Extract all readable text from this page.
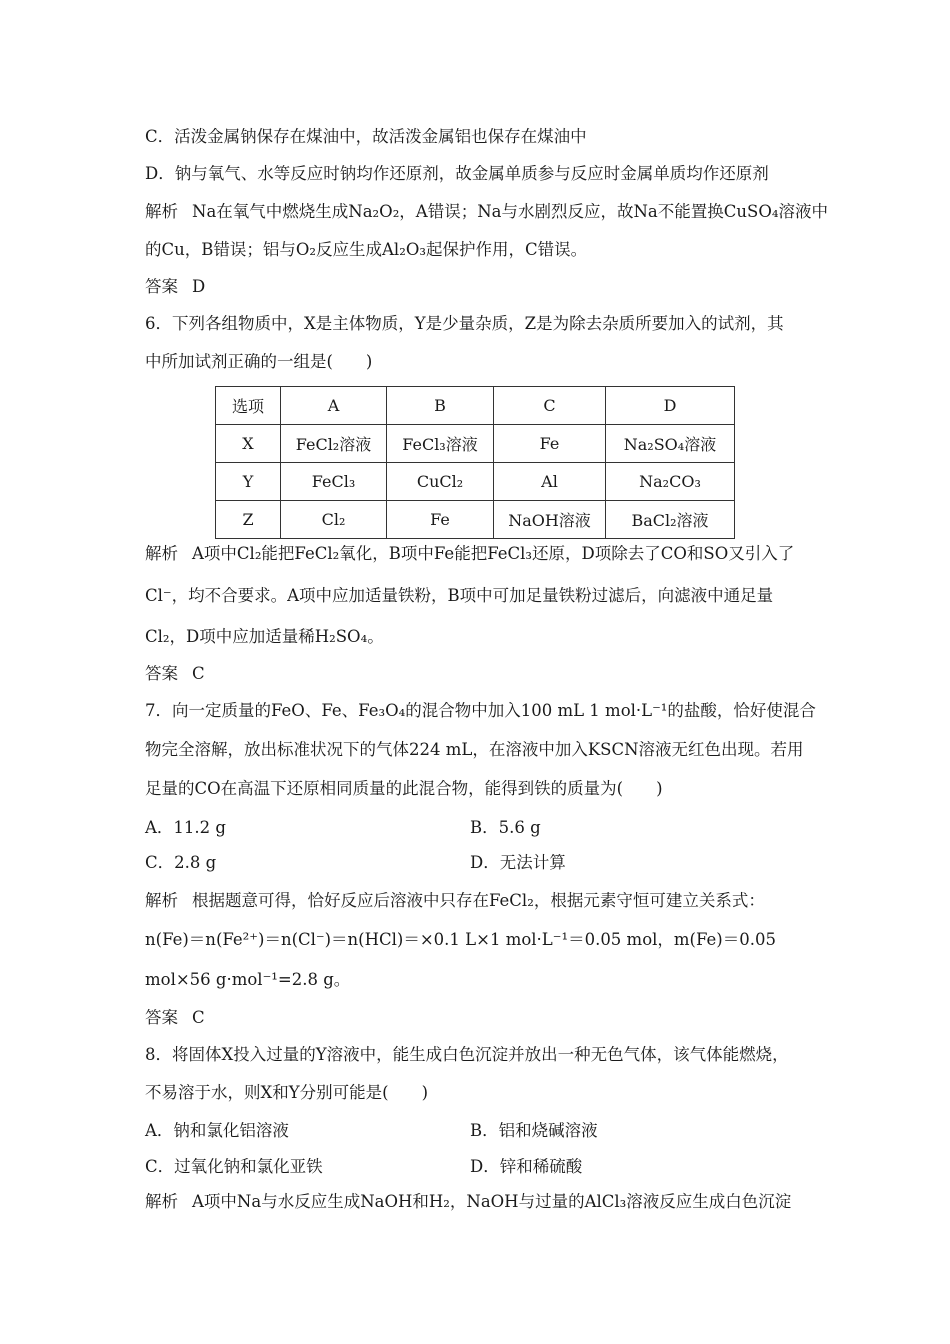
C．活泼金属钠保存在煤油中，故活泼金属铝也保存在煤油中
D．钠与氧气、水等反应时钠均作还原剂，故金属单质参与反应时金属单质均作还原剂
解析 Na在氧气中燃烧生成Na₂O₂，A错误；Na与水剧烈反应，故Na不能置换CuSO₄溶液中
的Cu，B错误；铝与O₂反应生成Al₂O₃起保护作用，C错误。
答案 D
6．下列各组物质中，X是主体物质，Y是少量杂质，Z是为除去杂质所要加入的试剂，其
中所加试剂正确的一组是(　　)
选项	A	B	C	D
X	FeCl₂溶液	FeCl₃溶液	Fe	Na₂SO₄溶液
Y	FeCl₃	CuCl₂	Al	Na₂CO₃
Z	Cl₂	Fe	NaOH溶液	BaCl₂溶液
解析 A项中Cl₂能把FeCl₂氧化，B项中Fe能把FeCl₃还原，D项除去了CO和SO又引入了
Cl⁻，均不合要求。A项中应加适量铁粉，B项中可加足量铁粉过滤后，向滤液中通足量
Cl₂，D项中应加适量稀H₂SO₄。
答案 C
7．向一定质量的FeO、Fe、Fe₃O₄的混合物中加入100 mL 1 mol·L⁻¹的盐酸，恰好使混合
物完全溶解，放出标准状况下的气体224 mL，在溶液中加入KSCN溶液无红色出现。若用
足量的CO在高温下还原相同质量的此混合物，能得到铁的质量为(　　)
A．11.2 g	B．5.6 g
C．2.8 g	D．无法计算
解析 根据题意可得，恰好反应后溶液中只存在FeCl₂，根据元素守恒可建立关系式：
n(Fe)＝n(Fe²⁺)＝n(Cl⁻)＝n(HCl)＝×0.1 L×1 mol·L⁻¹＝0.05 mol，m(Fe)＝0.05
mol×56 g·mol⁻¹=2.8 g。
答案 C
8．将固体X投入过量的Y溶液中，能生成白色沉淀并放出一种无色气体，该气体能燃烧，
不易溶于水，则X和Y分别可能是(　　)
A．钠和氯化铝溶液	B．铝和烧碱溶液
C．过氧化钠和氯化亚铁	D．锌和稀硫酸
解析 A项中Na与水反应生成NaOH和H₂，NaOH与过量的AlCl₃溶液反应生成白色沉淀
